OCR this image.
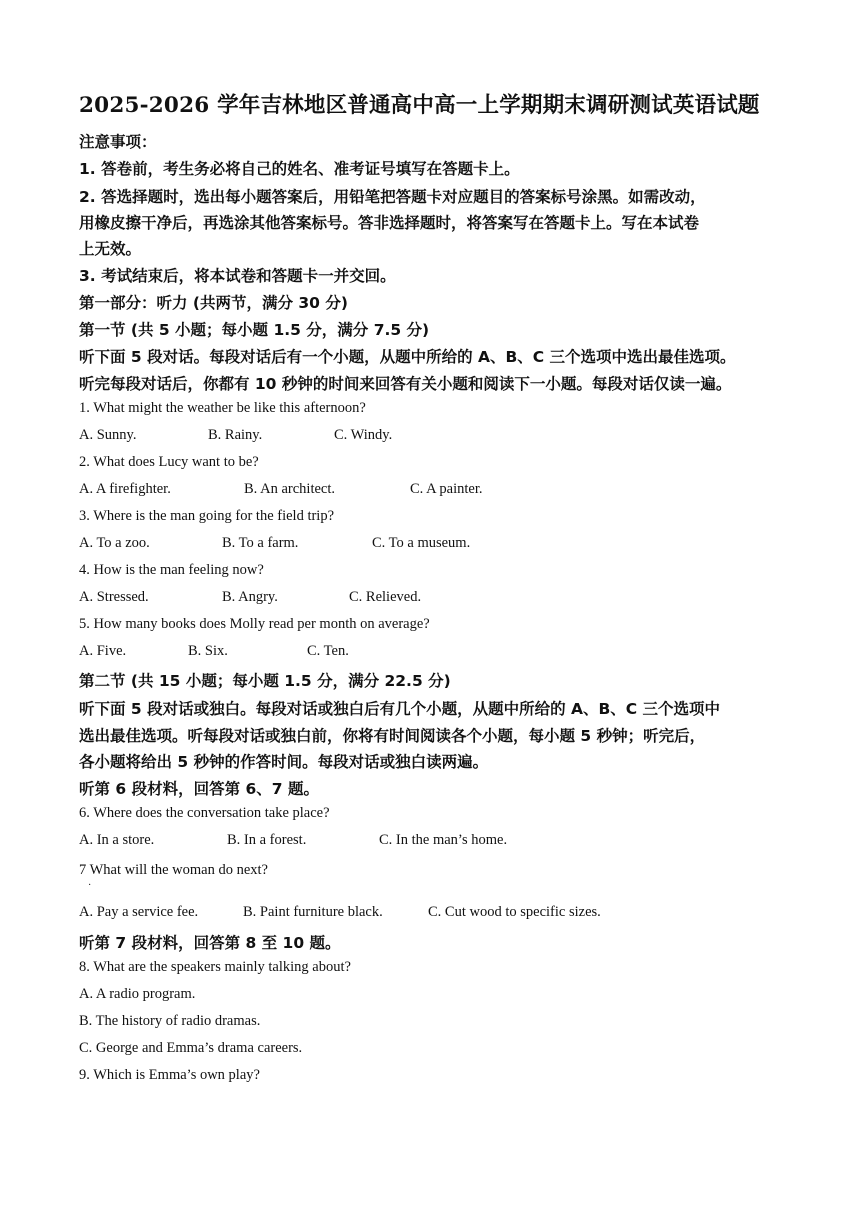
2025-2026 学年吉林地区普通高中高一上学期期末调研测试英语试题
注意事项：
1. 答卷前，考生务必将自己的姓名、准考证号填写在答题卡上。
2. 答选择题时，选出每小题答案后，用铅笔把答题卡对应题目的答案标号涂黑。如需改动，
用橡皮擦干净后，再选涂其他答案标号。答非选择题时，将答案写在答题卡上。写在本试卷
上无效。
3. 考试结束后，将本试卷和答题卡一并交回。
第一部分：听力 (共两节，满分 30 分)
第一节 (共 5 小题；每小题 1.5 分，满分 7.5 分)
听下面 5 段对话。每段对话后有一个小题，从题中所给的 A、B、C 三个选项中选出最佳选项。
听完每段对话后，你都有 10 秒钟的时间来回答有关小题和阅读下一小题。每段对话仅读一遍。
1. What might the weather be like this afternoon?
A. Sunny.	B. Rainy.	C. Windy.
2. What does Lucy want to be?
A. A firefighter.	B. An architect.	C. A painter.
3. Where is the man going for the field trip?
A. To a zoo.	B. To a farm.	C. To a museum.
4. How is the man feeling now?
A. Stressed.	B. Angry.	C. Relieved.
5. How many books does Molly read per month on average?
A. Five.	B. Six.	C. Ten.
第二节 (共 15 小题；每小题 1.5 分，满分 22.5 分)
听下面 5 段对话或独白。每段对话或独白后有几个小题，从题中所给的 A、B、C 三个选项中
选出最佳选项。听每段对话或独白前，你将有时间阅读各个小题，每小题 5 秒钟；听完后，
各小题将给出 5 秒钟的作答时间。每段对话或独白读两遍。
听第 6 段材料，回答第 6、7 题。
6. Where does the conversation take place?
A. In a store.	B. In a forest.	C. In the man’s home.
7 What will the woman do next?
·
A. Pay a service fee.	B. Paint furniture black.	C. Cut wood to specific sizes.
听第 7 段材料，回答第 8 至 10 题。
8. What are the speakers mainly talking about?
A. A radio program.
B. The history of radio dramas.
C. George and Emma’s drama careers.
9. Which is Emma’s own play?
